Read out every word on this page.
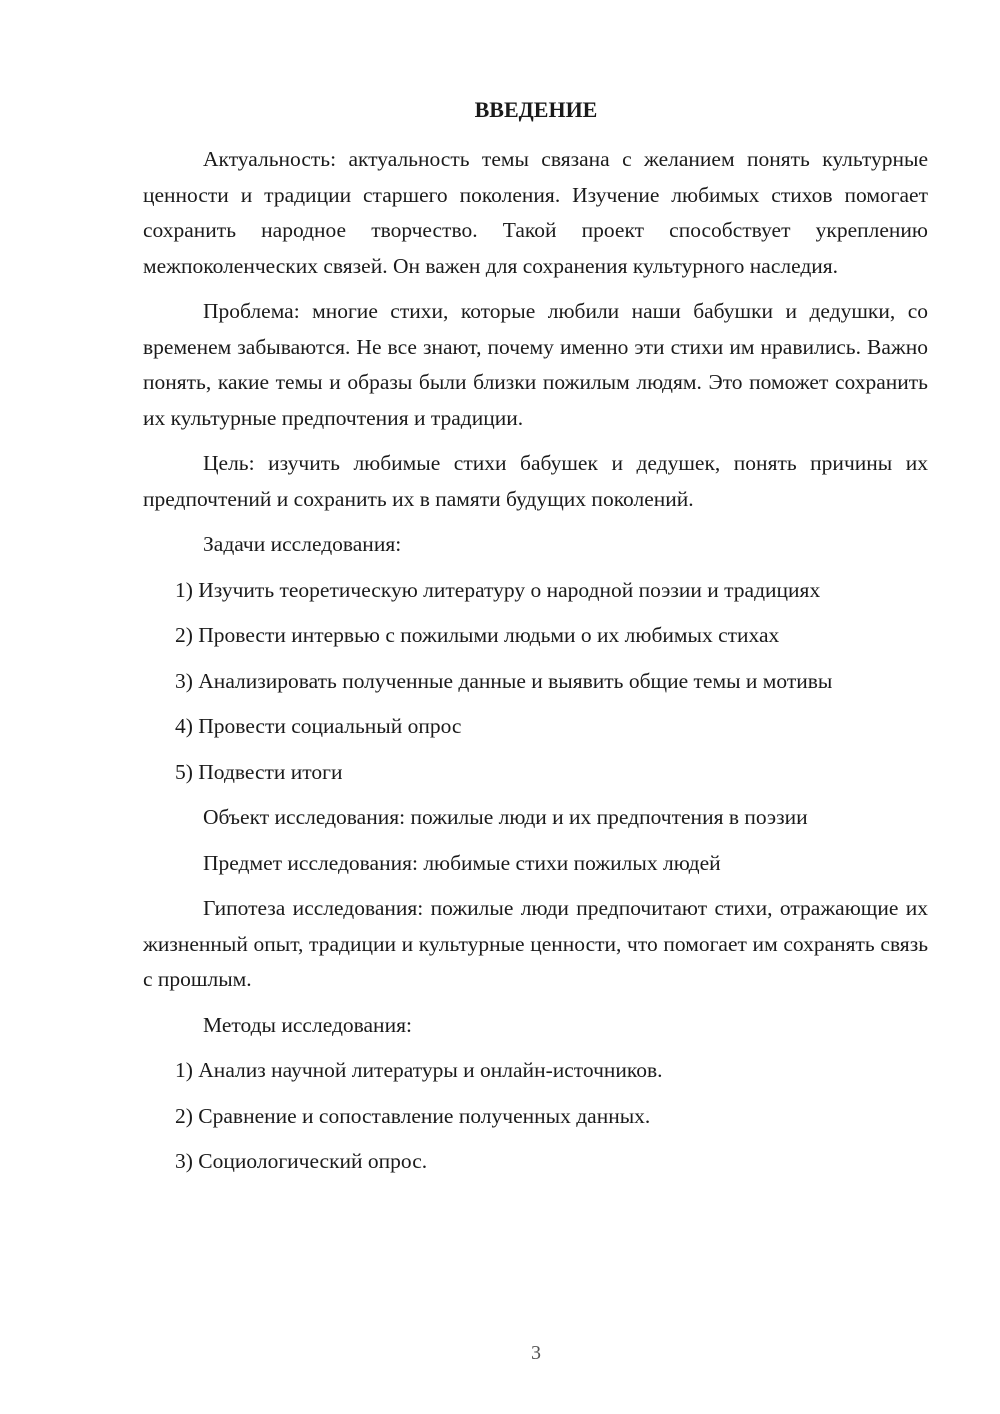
ВВЕДЕНИЕ

Актуальность: актуальность темы связана с желанием понять культурные ценности и традиции старшего поколения. Изучение любимых стихов помогает сохранить народное творчество. Такой проект способствует укреплению межпоколенческих связей. Он важен для сохранения культурного наследия.

Проблема: многие стихи, которые любили наши бабушки и дедушки, со временем забываются. Не все знают, почему именно эти стихи им нравились. Важно понять, какие темы и образы были близки пожилым людям. Это поможет сохранить их культурные предпочтения и традиции.

Цель: изучить любимые стихи бабушек и дедушек, понять причины их предпочтений и сохранить их в памяти будущих поколений.

Задачи исследования:

1) Изучить теоретическую литературу о народной поэзии и традициях

2) Провести интервью с пожилыми людьми о их любимых стихах

3) Анализировать полученные данные и выявить общие темы и мотивы

4) Провести социальный опрос

5) Подвести итоги

Объект исследования: пожилые люди и их предпочтения в поэзии

Предмет исследования: любимые стихи пожилых людей

Гипотеза исследования: пожилые люди предпочитают стихи, отражающие их жизненный опыт, традиции и культурные ценности, что помогает им сохранять связь с прошлым.

Методы исследования:

1) Анализ научной литературы и онлайн-источников.

2) Сравнение и сопоставление полученных данных.

3) Социологический опрос.

3
